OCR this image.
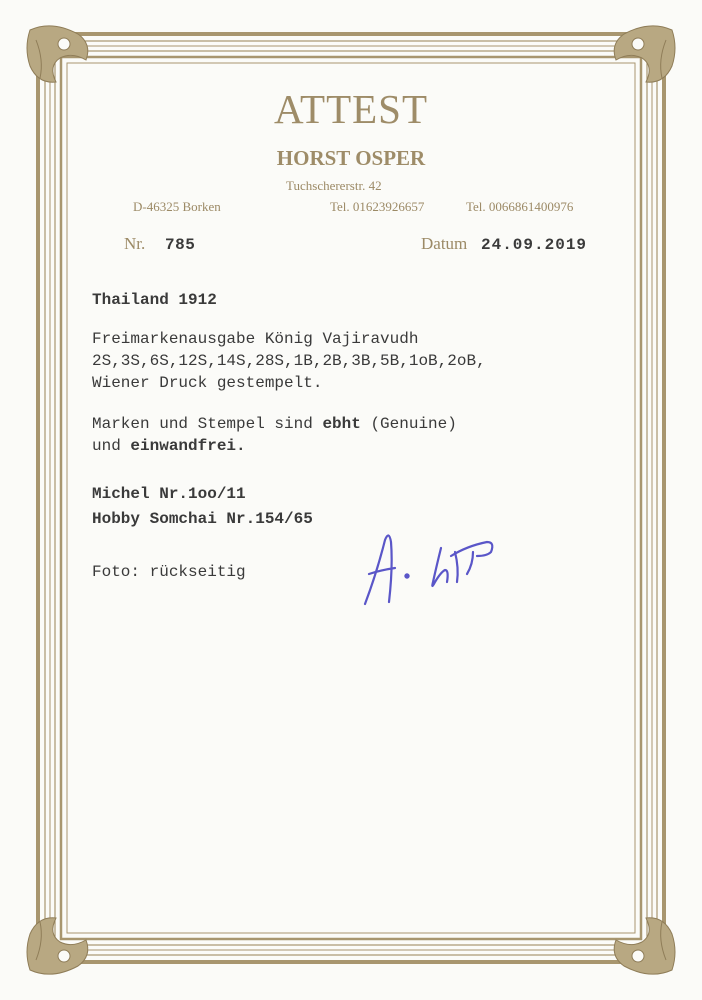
ATTEST
HORST OSPER
Tuchschererstr. 42
D-46325 Borken	Tel. 01623926657	Tel. 0066861400976
Nr. 785	Datum 24.09.2019
Thailand 1912
Freimarkenausgabe König Vajiravudh
2S,3S,6S,12S,14S,28S,1B,2B,3B,5B,1oB,2oB,
Wiener Druck gestempelt.
Marken und Stempel sind ebht (Genuine)
und einwandfrei.
Michel Nr.1oo/11
Hobby Somchai Nr.154/65
Foto: rückseitig
